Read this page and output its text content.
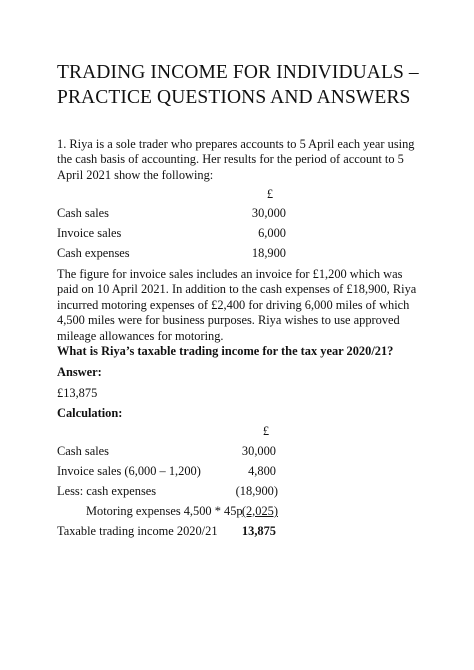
TRADING INCOME FOR INDIVIDUALS – PRACTICE QUESTIONS AND ANSWERS
1. Riya is a sole trader who prepares accounts to 5 April each year using the cash basis of accounting. Her results for the period of account to 5 April 2021 show the following:
£
Cash sales	30,000
Invoice sales	6,000
Cash expenses	18,900
The figure for invoice sales includes an invoice for £1,200 which was paid on 10 April 2021. In addition to the cash expenses of £18,900, Riya incurred motoring expenses of £2,400 for driving 6,000 miles of which 4,500 miles were for business purposes. Riya wishes to use approved mileage allowances for motoring.
What is Riya’s taxable trading income for the tax year 2020/21?
Answer:
£13,875
Calculation:
£
Cash sales	30,000
Invoice sales (6,000 – 1,200)	4,800
Less: cash expenses	(18,900)
Motoring expenses 4,500 * 45p (2,025)
Taxable trading income 2020/21	13,875
